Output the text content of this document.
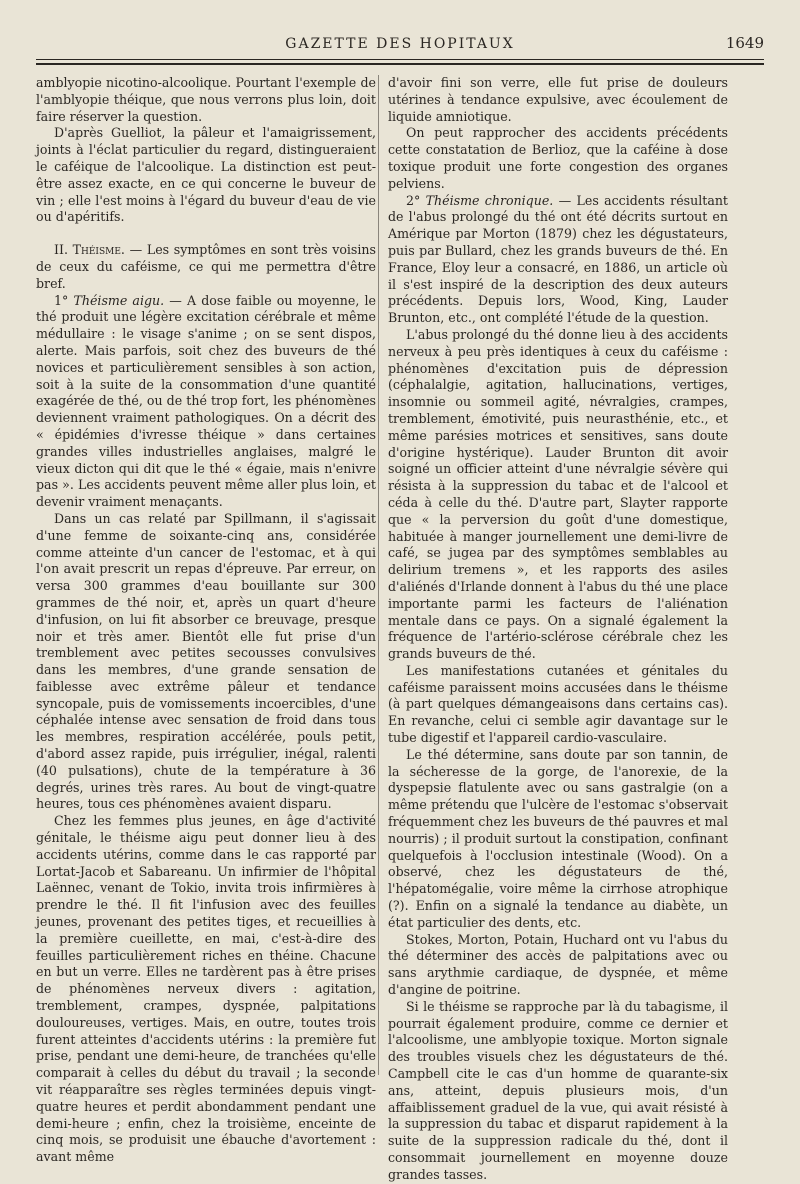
GAZETTE DES HOPITAUX	1649

amblyopie nicotino-alcoolique. Pourtant l'exemple de l'amblyopie théique, que nous verrons plus loin, doit faire réserver la question.

D'après Guelliot, la pâleur et l'amaigrissement, joints à l'éclat particulier du regard, distingueraient le caféique de l'alcoolique. La distinction est peut-être assez exacte, en ce qui concerne le buveur de vin ; elle l'est moins à l'égard du buveur d'eau de vie ou d'apéritifs.

II. Théisme. — Les symptômes en sont très voisins de ceux du caféisme, ce qui me permettra d'être bref.

1° Théisme aigu. — A dose faible ou moyenne, le thé produit une légère excitation cérébrale et même médullaire : le visage s'anime ; on se sent dispos, alerte. Mais parfois, soit chez des buveurs de thé novices et particulièrement sensibles à son action, soit à la suite de la consommation d'une quantité exagérée de thé, ou de thé trop fort, les phénomènes deviennent vraiment pathologiques. On a décrit des « épidémies d'ivresse théique » dans certaines grandes villes industrielles anglaises, malgré le vieux dicton qui dit que le thé « égaie, mais n'enivre pas ». Les accidents peuvent même aller plus loin, et devenir vraiment menaçants.

Dans un cas relaté par Spillmann, il s'agissait d'une femme de soixante-cinq ans, considérée comme atteinte d'un cancer de l'estomac, et à qui l'on avait prescrit un repas d'épreuve. Par erreur, on versa 300 grammes d'eau bouillante sur 300 grammes de thé noir, et, après un quart d'heure d'infusion, on lui fit absorber ce breuvage, presque noir et très amer. Bientôt elle fut prise d'un tremblement avec petites secousses convulsives dans les membres, d'une grande sensation de faiblesse avec extrême pâleur et tendance syncopale, puis de vomissements incoercibles, d'une céphalée intense avec sensation de froid dans tous les membres, respiration accélérée, pouls petit, d'abord assez rapide, puis irrégulier, inégal, ralenti (40 pulsations), chute de la température à 36 degrés, urines très rares. Au bout de vingt-quatre heures, tous ces phénomènes avaient disparu.

Chez les femmes plus jeunes, en âge d'activité génitale, le théisme aigu peut donner lieu à des accidents utérins, comme dans le cas rapporté par Lortat-Jacob et Sabareanu. Un infirmier de l'hôpital Laënnec, venant de Tokio, invita trois infirmières à prendre le thé. Il fit l'infusion avec des feuilles jeunes, provenant des petites tiges, et recueillies à la première cueillette, en mai, c'est-à-dire des feuilles particulièrement riches en théine. Chacune en but un verre. Elles ne tardèrent pas à être prises de phénomènes nerveux divers : agitation, tremblement, crampes, dyspnée, palpitations douloureuses, vertiges. Mais, en outre, toutes trois furent atteintes d'accidents utérins : la première fut prise, pendant une demi-heure, de tranchées qu'elle comparait à celles du début du travail ; la seconde vit réapparaître ses règles terminées depuis vingt-quatre heures et perdit abondamment pendant une demi-heure ; enfin, chez la troisième, enceinte de cinq mois, se produisit une ébauche d'avortement : avant même

d'avoir fini son verre, elle fut prise de douleurs utérines à tendance expulsive, avec écoulement de liquide amniotique.

On peut rapprocher des accidents précédents cette constatation de Berlioz, que la caféine à dose toxique produit une forte congestion des organes pelviens.

2° Théisme chronique. — Les accidents résultant de l'abus prolongé du thé ont été décrits surtout en Amérique par Morton (1879) chez les dégustateurs, puis par Bullard, chez les grands buveurs de thé. En France, Eloy leur a consacré, en 1886, un article où il s'est inspiré de la description des deux auteurs précédents. Depuis lors, Wood, King, Lauder Brunton, etc., ont complété l'étude de la question.

L'abus prolongé du thé donne lieu à des accidents nerveux à peu près identiques à ceux du caféisme : phénomènes d'excitation puis de dépression (céphalalgie, agitation, hallucinations, vertiges, insomnie ou sommeil agité, névralgies, crampes, tremblement, émotivité, puis neurasthénie, etc., et même parésies motrices et sensitives, sans doute d'origine hystérique). Lauder Brunton dit avoir soigné un officier atteint d'une névralgie sévère qui résista à la suppression du tabac et de l'alcool et céda à celle du thé. D'autre part, Slayter rapporte que « la perversion du goût d'une domestique, habituée à manger journellement une demi-livre de café, se jugea par des symptômes semblables au delirium tremens », et les rapports des asiles d'aliénés d'Irlande donnent à l'abus du thé une place importante parmi les facteurs de l'aliénation mentale dans ce pays. On a signalé également la fréquence de l'artério-sclérose cérébrale chez les grands buveurs de thé.

Les manifestations cutanées et génitales du caféisme paraissent moins accusées dans le théisme (à part quelques démangeaisons dans certains cas). En revanche, celui ci semble agir davantage sur le tube digestif et l'appareil cardio-vasculaire.

Le thé détermine, sans doute par son tannin, de la sécheresse de la gorge, de l'anorexie, de la dyspepsie flatulente avec ou sans gastralgie (on a même prétendu que l'ulcère de l'estomac s'observait fréquemment chez les buveurs de thé pauvres et mal nourris) ; il produit surtout la constipation, confinant quelquefois à l'occlusion intestinale (Wood). On a observé, chez les dégustateurs de thé, l'hépatomégalie, voire même la cirrhose atrophique (?). Enfin on a signalé la tendance au diabète, un état particulier des dents, etc.

Stokes, Morton, Potain, Huchard ont vu l'abus du thé déterminer des accès de palpitations avec ou sans arythmie cardiaque, de dyspnée, et même d'angine de poitrine.

Si le théisme se rapproche par là du tabagisme, il pourrait également produire, comme ce dernier et l'alcoolisme, une amblyopie toxique. Morton signale des troubles visuels chez les dégustateurs de thé. Campbell cite le cas d'un homme de quarante-six ans, atteint, depuis plusieurs mois, d'un affaiblissement graduel de la vue, qui avait résisté à la suppression du tabac et disparut rapidement à la suite de la suppression radicale du thé, dont il consommait journellement en moyenne douze grandes tasses.
